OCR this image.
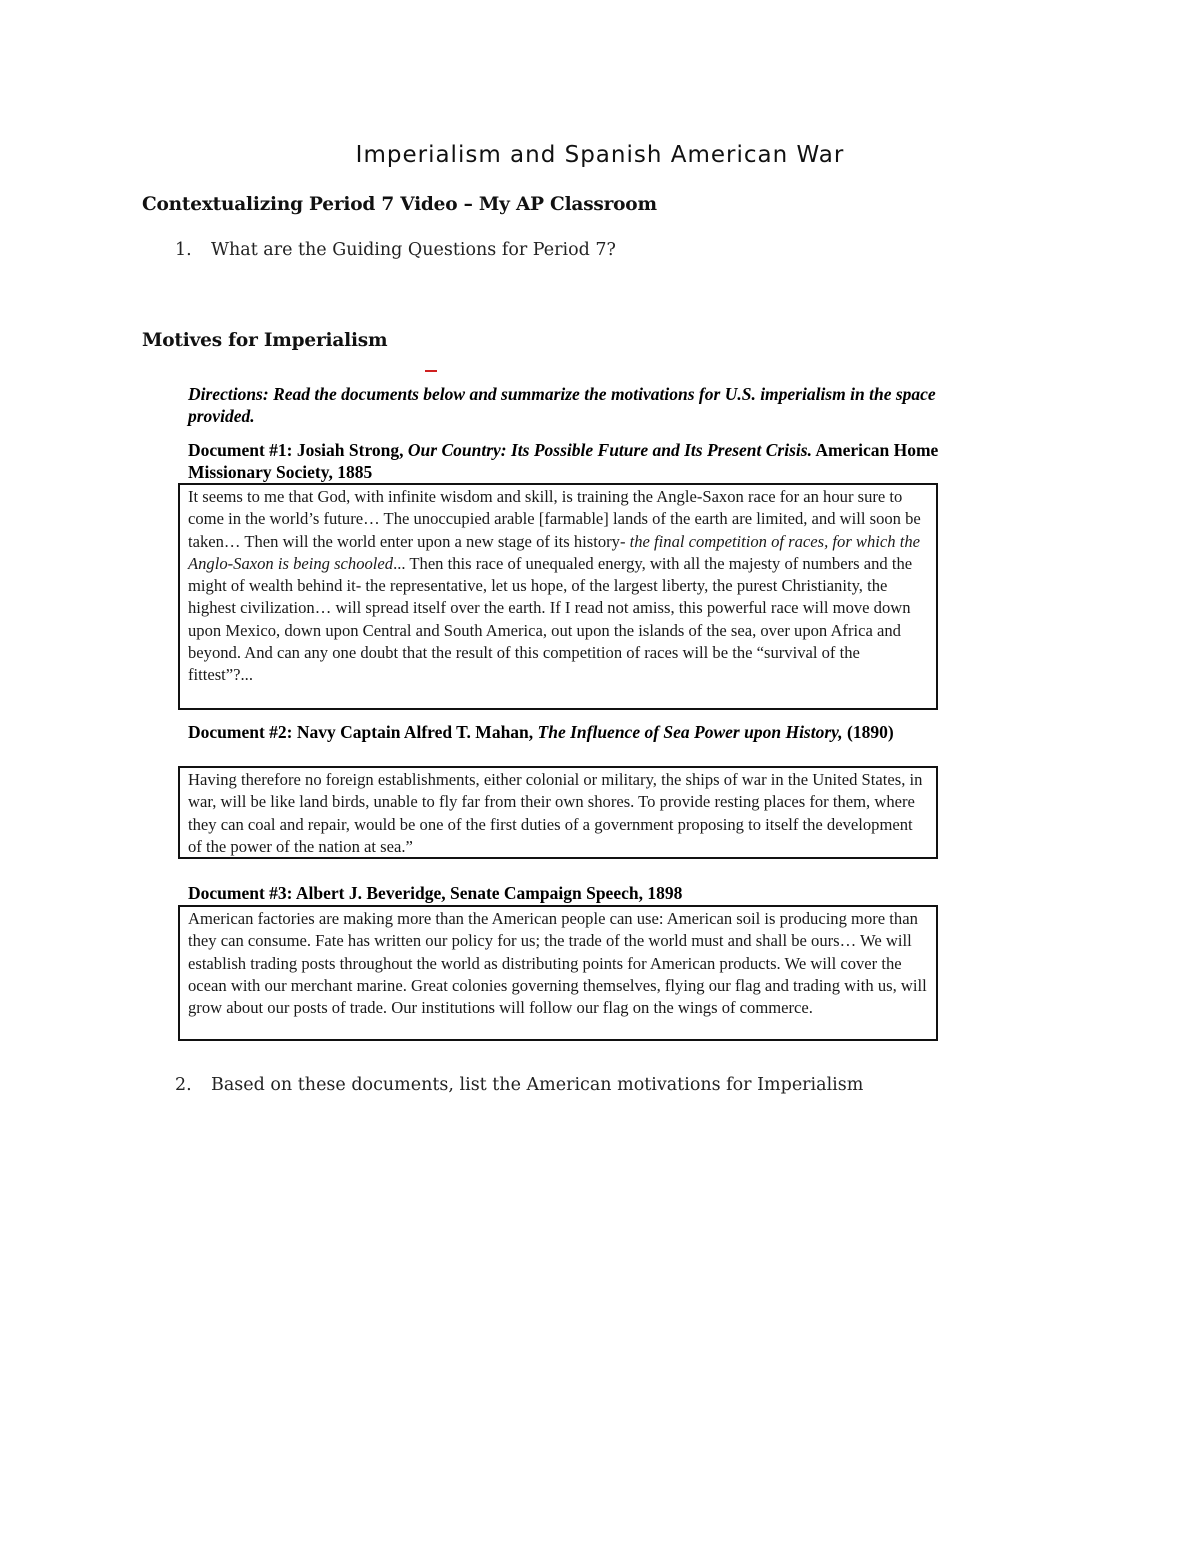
Imperialism and Spanish American War
Contextualizing Period 7 Video – My AP Classroom
1. What are the Guiding Questions for Period 7?
Motives for Imperialism
Directions: Read the documents below and summarize the motivations for U.S. imperialism in the space provided.
Document #1: Josiah Strong, Our Country: Its Possible Future and Its Present Crisis. American Home Missionary Society, 1885

It seems to me that God, with infinite wisdom and skill, is training the Angle-Saxon race for an hour sure to come in the world’s future… The unoccupied arable [farmable] lands of the earth are limited, and will soon be taken… Then will the world enter upon a new stage of its history- the final competition of races, for which the Anglo-Saxon is being schooled... Then this race of unequaled energy, with all the majesty of numbers and the might of wealth behind it- the representative, let us hope, of the largest liberty, the purest Christianity, the highest civilization… will spread itself over the earth. If I read not amiss, this powerful race will move down upon Mexico, down upon Central and South America, out upon the islands of the sea, over upon Africa and beyond. And can any one doubt that the result of this competition of races will be the “survival of the fittest”?...

Document #2: Navy Captain Alfred T. Mahan, The Influence of Sea Power upon History, (1890)

Having therefore no foreign establishments, either colonial or military, the ships of war in the United States, in war, will be like land birds, unable to fly far from their own shores. To provide resting places for them, where they can coal and repair, would be one of the first duties of a government proposing to itself the development of the power of the nation at sea.”

Document #3: Albert J. Beveridge, Senate Campaign Speech, 1898

American factories are making more than the American people can use: American soil is producing more than they can consume. Fate has written our policy for us; the trade of the world must and shall be ours… We will establish trading posts throughout the world as distributing points for American products. We will cover the ocean with our merchant marine. Great colonies governing themselves, flying our flag and trading with us, will grow about our posts of trade. Our institutions will follow our flag on the wings of commerce.

2. Based on these documents, list the American motivations for Imperialism
